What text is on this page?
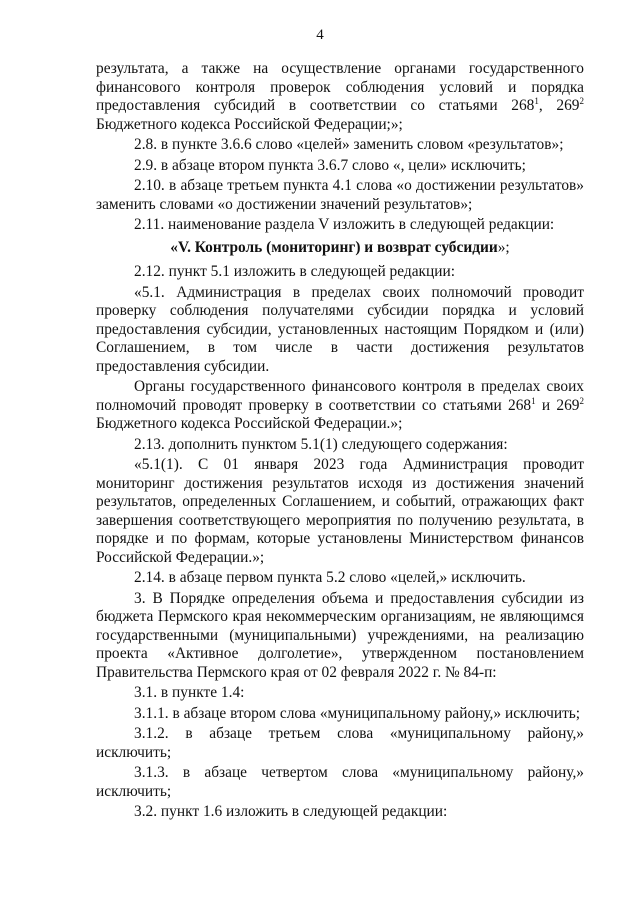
4

результата, а также на осуществление органами государственного финансового контроля проверок соблюдения условий и порядка предоставления субсидий в соответствии со статьями $268^1$, $269^2$ Бюджетного кодекса Российской Федерации;»;

2.8. в пункте 3.6.6 слово «целей» заменить словом «результатов»;

2.9. в абзаце втором пункта 3.6.7 слово «, цели» исключить;

2.10. в абзаце третьем пункта 4.1 слова «о достижении результатов» заменить словами «о достижении значений результатов»;

2.11. наименование раздела V изложить в следующей редакции:

«V. Контроль (мониторинг) и возврат субсидии»;

2.12. пункт 5.1 изложить в следующей редакции:

«5.1. Администрация в пределах своих полномочий проводит проверку соблюдения получателями субсидии порядка и условий предоставления субсидии, установленных настоящим Порядком и (или) Соглашением, в том числе в части достижения результатов предоставления субсидии.

Органы государственного финансового контроля в пределах своих полномочий проводят проверку в соответствии со статьями $268^1$ и $269^2$ Бюджетного кодекса Российской Федерации.»;

2.13. дополнить пунктом 5.1(1) следующего содержания:

«5.1(1). С 01 января 2023 года Администрация проводит мониторинг достижения результатов исходя из достижения значений результатов, определенных Соглашением, и событий, отражающих факт завершения соответствующего мероприятия по получению результата, в порядке и по формам, которые установлены Министерством финансов Российской Федерации.»;

2.14. в абзаце первом пункта 5.2 слово «целей,» исключить.

3. В Порядке определения объема и предоставления субсидии из бюджета Пермского края некоммерческим организациям, не являющимся государственными (муниципальными) учреждениями, на реализацию проекта «Активное долголетие», утвержденном постановлением Правительства Пермского края от 02 февраля 2022 г. № 84-п:

3.1. в пункте 1.4:

3.1.1. в абзаце втором слова «муниципальному району,» исключить;

3.1.2. в абзаце третьем слова «муниципальному району,» исключить;

3.1.3. в абзаце четвертом слова «муниципальному району,» исключить;

3.2. пункт 1.6 изложить в следующей редакции:
